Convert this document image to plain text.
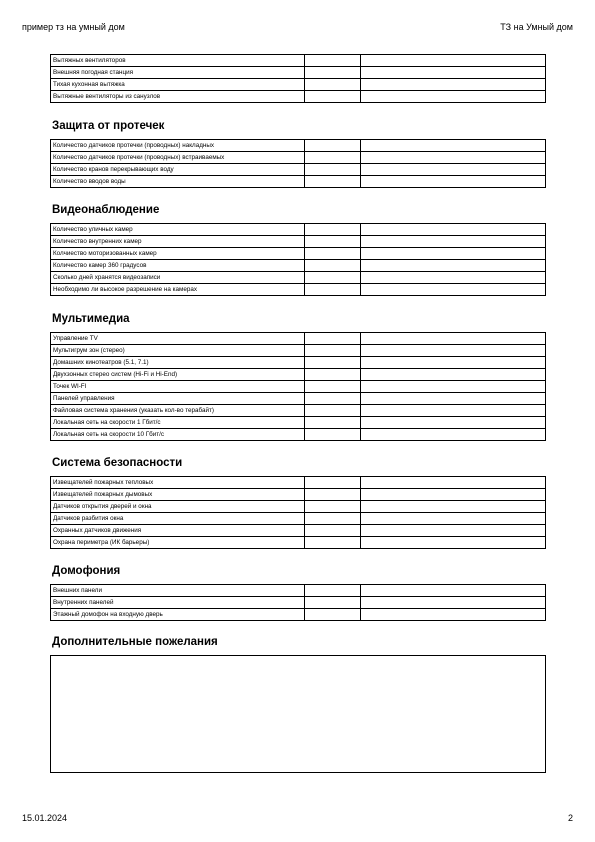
пример тз на умный дом	ТЗ на Умный дом
Вытяжных вентиляторов		
Внешняя погодная станция		
Тихая кухонная вытяжка		
Вытяжные вентиляторы из санузлов		
Защита от протечек
Количество датчиков протечки (проводных) накладных		
Количество датчиков протечки (проводных) встраиваемых		
Количество кранов перекрывающих воду		
Количество вводов воды		
Видеонаблюдение
Количество уличных камер		
Количество внутренних камер		
Колчиество моторизованных камер		
Количество камер 360 градусов		
Сколько дней хранятся видеозаписи		
Необходимо ли высокое разрешение на камерах		
Мультимедиа
Управление TV		
Мультигрум зон (стерео)		
Домашних кинотеатров (5.1, 7.1)		
Двухзонных стерео систем (Hi-Fi и Hi-End)		
Точек WI-FI		
Панелей управления		
Файловая система хранения (указать кол-во терабайт)		
Локальная сеть на скорости 1 Гбит/с		
Локальная сеть на скорости 10 Гбит/с		
Система безопасности
Извещателей пожарных тепловых		
Извещателей пожарных дымовых		
Датчиков открытия дверей и окна		
Датчиков разбития окна		
Охранных датчиков движения		
Охрана периметра (ИК барьеры)		
Домофония
Внешних панели		
Внутренних панелей		
Этажный домофон на входную дверь		
Дополнительные пожелания
15.01.2024	2
